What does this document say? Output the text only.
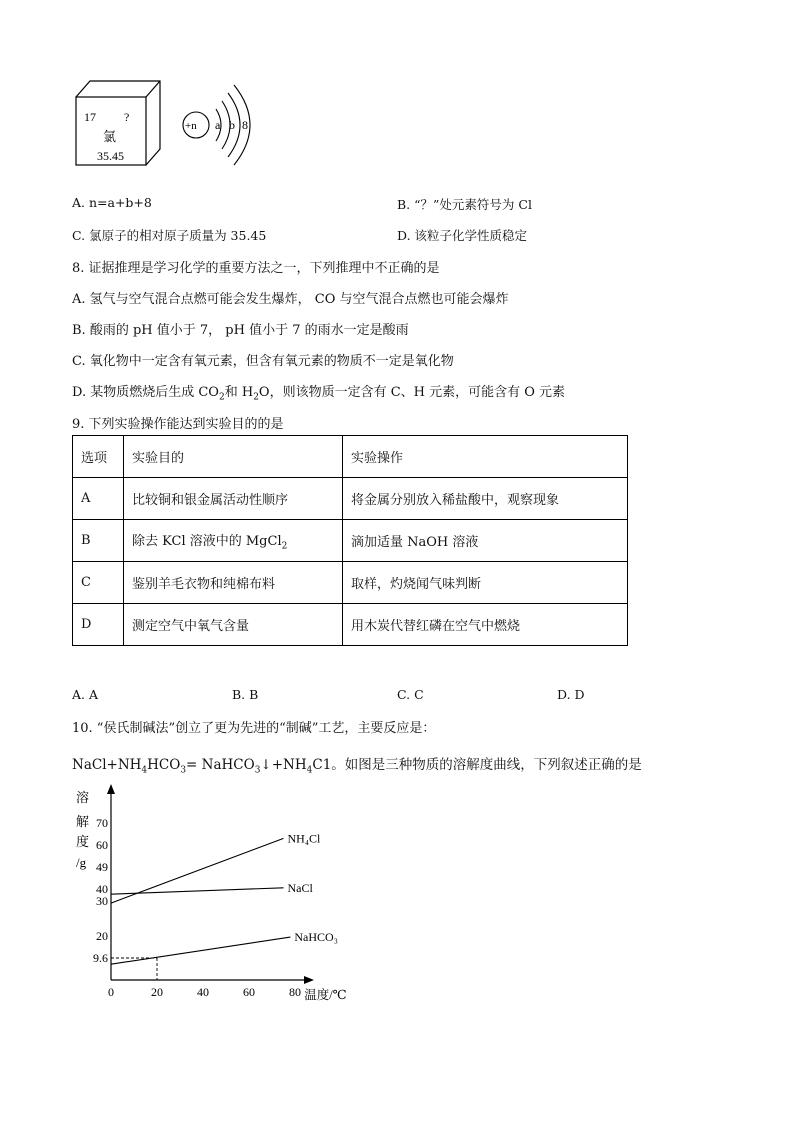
17 ?
氯
35.45
+n a b 8
A. n=a+b+8	B. “？”处元素符号为 Cl
C. 氯原子的相对原子质量为 35.45	D. 该粒子化学性质稳定
8. 证据推理是学习化学的重要方法之一，下列推理中不正确的是
A. 氢气与空气混合点燃可能会发生爆炸， CO 与空气混合点燃也可能会爆炸
B. 酸雨的 pH 值小于 7， pH 值小于 7 的雨水一定是酸雨
C. 氧化物中一定含有氧元素，但含有氧元素的物质不一定是氧化物
D. 某物质燃烧后生成 $CO_2$和 $H_2O$，则该物质一定含有 C、H 元素，可能含有 O 元素
9. 下列实验操作能达到实验目的的是
选项	实验目的	实验操作
A	比较铜和银金属活动性顺序	将金属分别放入稀盐酸中，观察现象
B	除去 KCl 溶液中的 MgCl$_2$	滴加适量 NaOH 溶液
C	鉴别羊毛衣物和纯棉布料	取样，灼烧闻气味判断
D	测定空气中氧气含量	用木炭代替红磷在空气中燃烧
A. A	B. B	C. C	D. D
10. “侯氏制碱法”创立了更为先进的“制碱”工艺，主要反应是：
$NaCl+NH_4HCO_3=$ $NaHCO_3↓+NH_4C1$。如图是三种物质的溶解度曲线，下列叙述正确的是
溶
解
度
/g
9.6
20
30
40
49
60
70
0	20	40	60	80 温度/℃
NH₄Cl
NaCl
NaHCO₃
